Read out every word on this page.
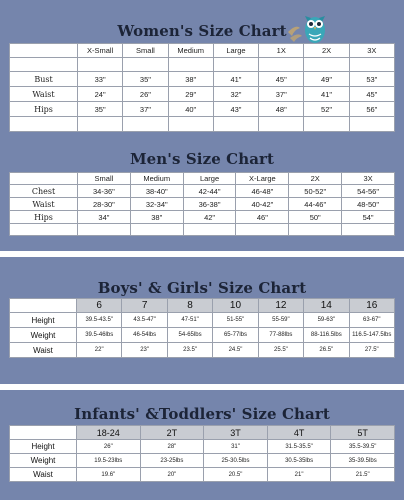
Women's Size Chart
	X-Small	Small	Medium	Large	1X	2X	3X

Bust	33"	35"	38"	41"	45"	49"	53"
Waist	24"	26"	29"	32"	37"	41"	45"
Hips	35"	37"	40"	43"	48"	52"	56"

Men's Size Chart
	Small	Medium	Large	X-Large	2X	3X
Chest	34-36"	38-40"	42-44"	46-48"	50-52"	54-56"
Waist	28-30"	32-34"	36-38"	40-42"	44-46"	48-50"
Hips	34"	38"	42"	46"	50"	54"

Boys' & Girls' Size Chart
	6	7	8	10	12	14	16
Height	39.5-43.5"	43.5-47"	47-51"	51-55"	55-59"	59-63"	63-67"
Weight	39.5-46lbs	46-54lbs	54-65lbs	65-77lbs	77-88lbs	88-116.5lbs	116.5-147.5lbs
Waist	22"	23"	23.5"	24.5"	25.5"	26.5"	27.5"
Infants' &Toddlers' Size Chart
	18-24	2T	3T	4T	5T
Height	26"	28"	31"	31.5-35.5"	35.5-39.5"
Weight	19.5-23lbs	23-25lbs	25-30.5lbs	30.5-35lbs	35-39.5lbs
Waist	19.6"	20"	20.5"	21"	21.5"
